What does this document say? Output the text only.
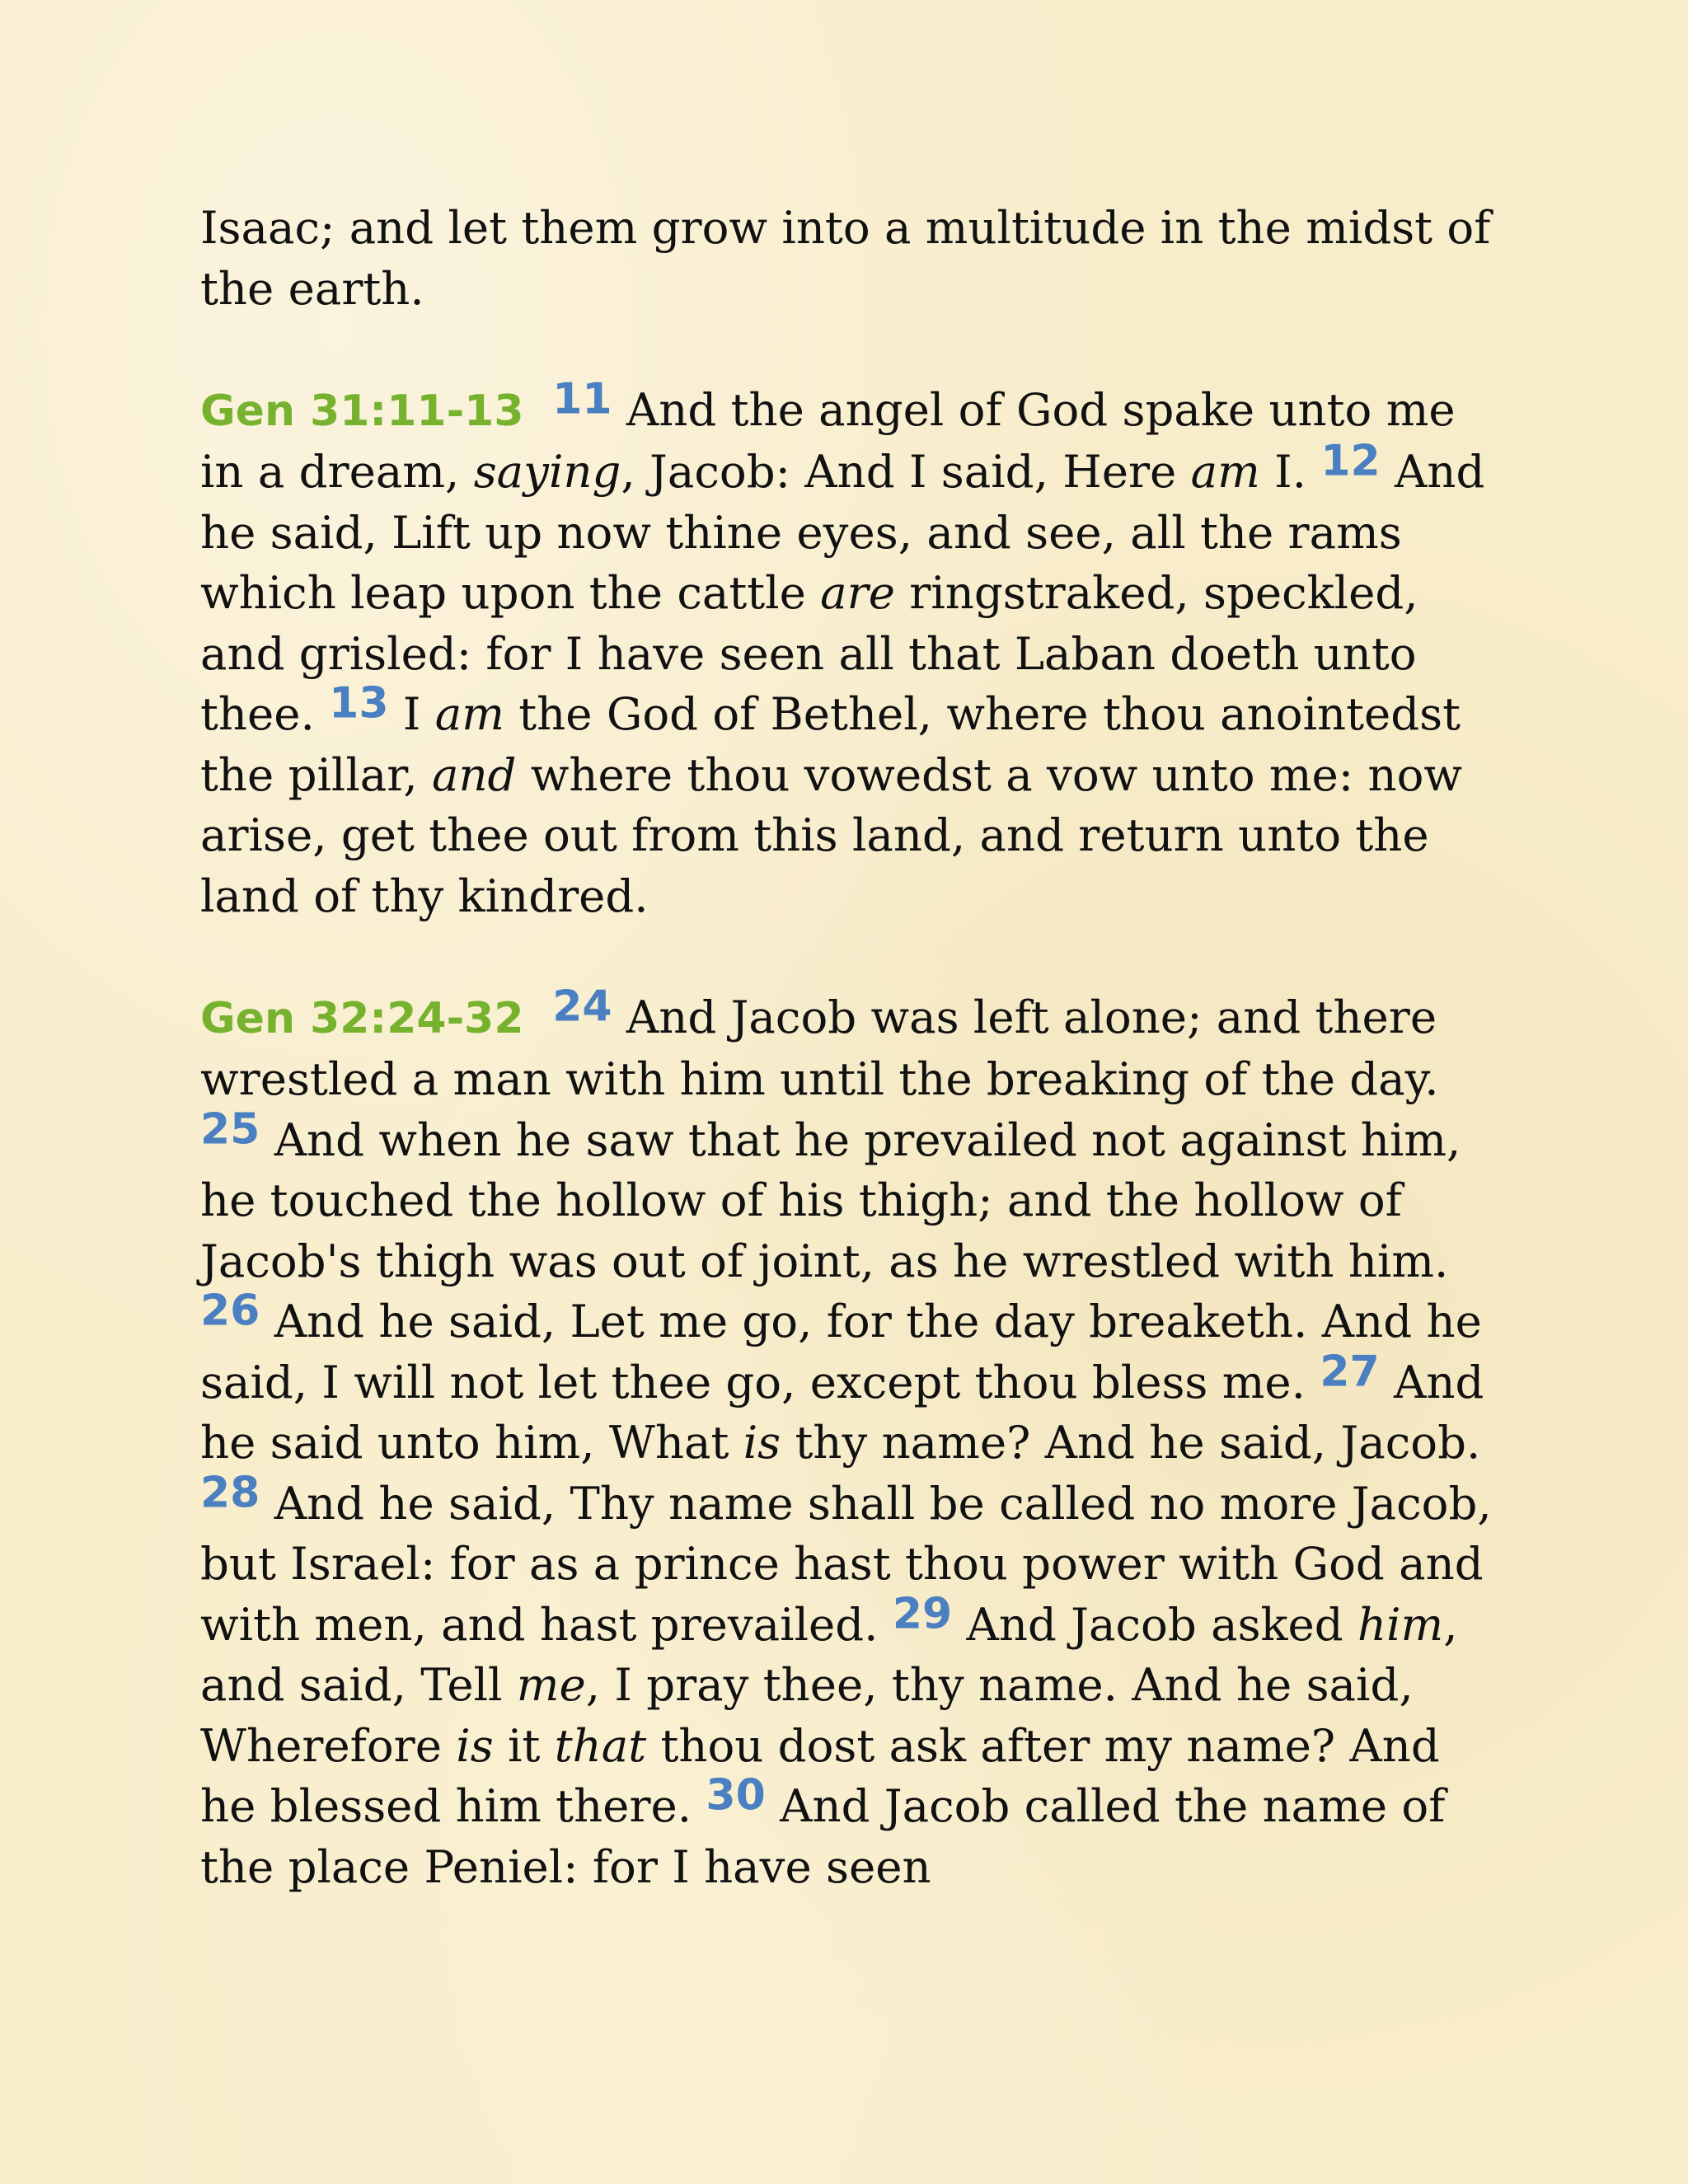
Isaac; and let them grow into a multitude in the midst of the earth.

Gen 31:11-13 11 And the angel of God spake unto me in a dream, saying, Jacob: And I said, Here am I. 12 And he said, Lift up now thine eyes, and see, all the rams which leap upon the cattle are ringstraked, speckled, and grisled: for I have seen all that Laban doeth unto thee. 13 I am the God of Bethel, where thou anointedst the pillar, and where thou vowedst a vow unto me: now arise, get thee out from this land, and return unto the land of thy kindred.

Gen 32:24-32 24 And Jacob was left alone; and there wrestled a man with him until the breaking of the day. 25 And when he saw that he prevailed not against him, he touched the hollow of his thigh; and the hollow of Jacob's thigh was out of joint, as he wrestled with him. 26 And he said, Let me go, for the day breaketh. And he said, I will not let thee go, except thou bless me. 27 And he said unto him, What is thy name? And he said, Jacob. 28 And he said, Thy name shall be called no more Jacob, but Israel: for as a prince hast thou power with God and with men, and hast prevailed. 29 And Jacob asked him, and said, Tell me, I pray thee, thy name. And he said, Wherefore is it that thou dost ask after my name? And he blessed him there. 30 And Jacob called the name of the place Peniel: for I have seen
